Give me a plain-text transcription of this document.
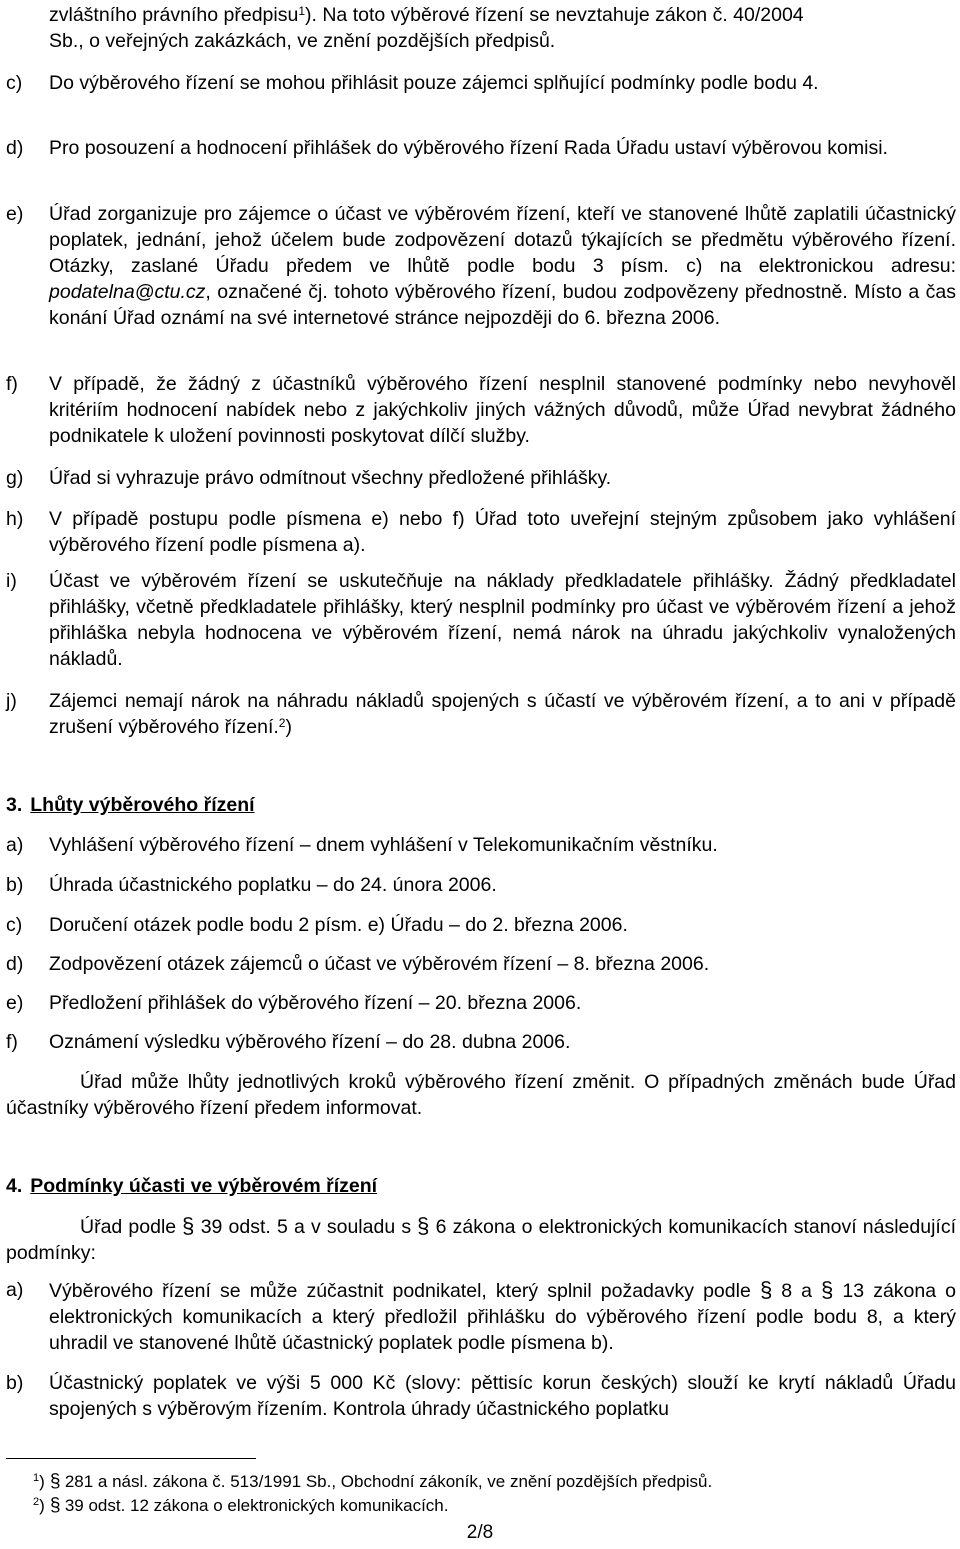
zvláštního právního předpisu$^1$). Na toto výběrové řízení se nevztahuje zákon č. 40/2004
Sb., o veřejných zakázkách, ve znění pozdějších předpisů.
c) Do výběrového řízení se mohou přihlásit pouze zájemci splňující podmínky podle bodu 4.
d) Pro posouzení a hodnocení přihlášek do výběrového řízení Rada Úřadu ustaví výběrovou komisi.
e) Úřad zorganizuje pro zájemce o účast ve výběrovém řízení, kteří ve stanovené lhůtě zaplatili účastnický poplatek, jednání, jehož účelem bude zodpovězení dotazů týkajících se předmětu výběrového řízení. Otázky, zaslané Úřadu předem ve lhůtě podle bodu 3 písm. c) na elektronickou adresu: podatelna@ctu.cz, označené čj. tohoto výběrového řízení, budou zodpovězeny přednostně. Místo a čas konání Úřad oznámí na své internetové stránce nejpozději do 6. března 2006.
f) V případě, že žádný z účastníků výběrového řízení nesplnil stanovené podmínky nebo nevyhověl kritériím hodnocení nabídek nebo z jakýchkoliv jiných vážných důvodů, může Úřad nevybrat žádného podnikatele k uložení povinnosti poskytovat dílčí služby.
g) Úřad si vyhrazuje právo odmítnout všechny předložené přihlášky.
h) V případě postupu podle písmena e) nebo f) Úřad toto uveřejní stejným způsobem jako vyhlášení výběrového řízení podle písmena a).
i) Účast ve výběrovém řízení se uskutečňuje na náklady předkladatele přihlášky. Žádný předkladatel přihlášky, včetně předkladatele přihlášky, který nesplnil podmínky pro účast ve výběrovém řízení a jehož přihláška nebyla hodnocena ve výběrovém řízení, nemá nárok na úhradu jakýchkoliv vynaložených nákladů.
j) Zájemci nemají nárok na náhradu nákladů spojených s účastí ve výběrovém řízení, a to ani v případě zrušení výběrového řízení.$^2$)
3. Lhůty výběrového řízení
a) Vyhlášení výběrového řízení – dnem vyhlášení v Telekomunikačním věstníku.
b) Úhrada účastnického poplatku – do 24. února 2006.
c) Doručení otázek podle bodu 2 písm. e) Úřadu – do 2. března 2006.
d) Zodpovězení otázek zájemců o účast ve výběrovém řízení – 8. března 2006.
e) Předložení přihlášek do výběrového řízení – 20. března 2006.
f) Oznámení výsledku výběrového řízení – do 28. dubna 2006.
Úřad může lhůty jednotlivých kroků výběrového řízení změnit. O případných změnách bude Úřad účastníky výběrového řízení předem informovat.
4. Podmínky účasti ve výběrovém řízení
Úřad podle § 39 odst. 5 a v souladu s § 6 zákona o elektronických komunikacích stanoví následující podmínky:
a) Výběrového řízení se může zúčastnit podnikatel, který splnil požadavky podle § 8 a § 13 zákona o elektronických komunikacích a který předložil přihlášku do výběrového řízení podle bodu 8, a který uhradil ve stanovené lhůtě účastnický poplatek podle písmena b).
b) Účastnický poplatek ve výši 5 000 Kč (slovy: pěttisíc korun českých) slouží ke krytí nákladů Úřadu spojených s výběrovým řízením. Kontrola úhrady účastnického poplatku
$^1$) § 281 a násl. zákona č. 513/1991 Sb., Obchodní zákoník, ve znění pozdějších předpisů.
$^2$) § 39 odst. 12 zákona o elektronických komunikacích.
2/8
